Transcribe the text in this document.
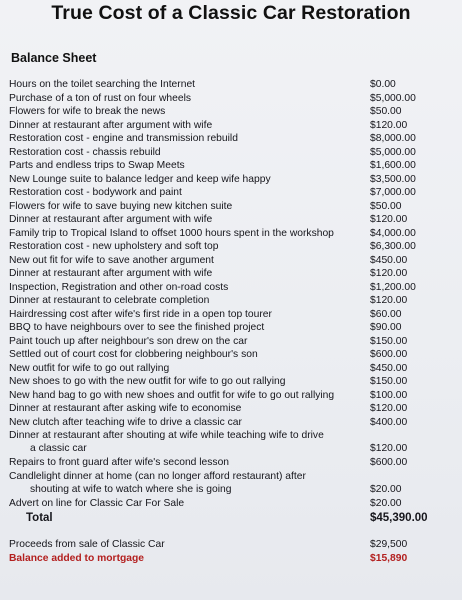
True Cost of a Classic Car Restoration
Balance Sheet
Hours on the toilet searching the Internet	$0.00
Purchase of a ton of rust on four wheels	$5,000.00
Flowers for wife to break the news	$50.00
Dinner at restaurant after argument with wife	$120.00
Restoration cost - engine and transmission rebuild	$8,000.00
Restoration cost - chassis rebuild	$5,000.00
Parts and endless trips to Swap Meets	$1,600.00
New Lounge suite to balance ledger and keep wife happy	$3,500.00
Restoration cost - bodywork and paint	$7,000.00
Flowers for wife to save buying new kitchen suite	$50.00
Dinner at restaurant after argument with wife	$120.00
Family trip to Tropical Island to offset 1000 hours spent in the workshop	$4,000.00
Restoration cost - new upholstery and soft top	$6,300.00
New out fit for wife to save another argument	$450.00
Dinner at restaurant after argument with wife	$120.00
Inspection, Registration and other on-road costs	$1,200.00
Dinner at restaurant to celebrate completion	$120.00
Hairdressing cost after wife's first ride in a open top tourer	$60.00
BBQ to have neighbours over to see the finished project	$90.00
Paint touch up after neighbour's son drew on the car	$150.00
Settled out of court cost for clobbering neighbour's son	$600.00
New outfit for wife to go out rallying	$450.00
New shoes to go with the new outfit for wife to go out rallying	$150.00
New hand bag to go with new shoes and outfit for wife to go out rallying	$100.00
Dinner at restaurant after asking wife to economise	$120.00
New clutch after teaching wife to drive a classic car	$400.00
Dinner at restaurant after shouting at wife while teaching wife to drive
a classic car	$120.00
Repairs to front guard after wife's second lesson	$600.00
Candlelight dinner at home (can no longer afford restaurant) after
shouting at wife to watch where she is going	$20.00
Advert on line for Classic Car For Sale	$20.00
Total	$45,390.00
Proceeds from sale of Classic Car	$29,500
Balance added to mortgage	$15,890
